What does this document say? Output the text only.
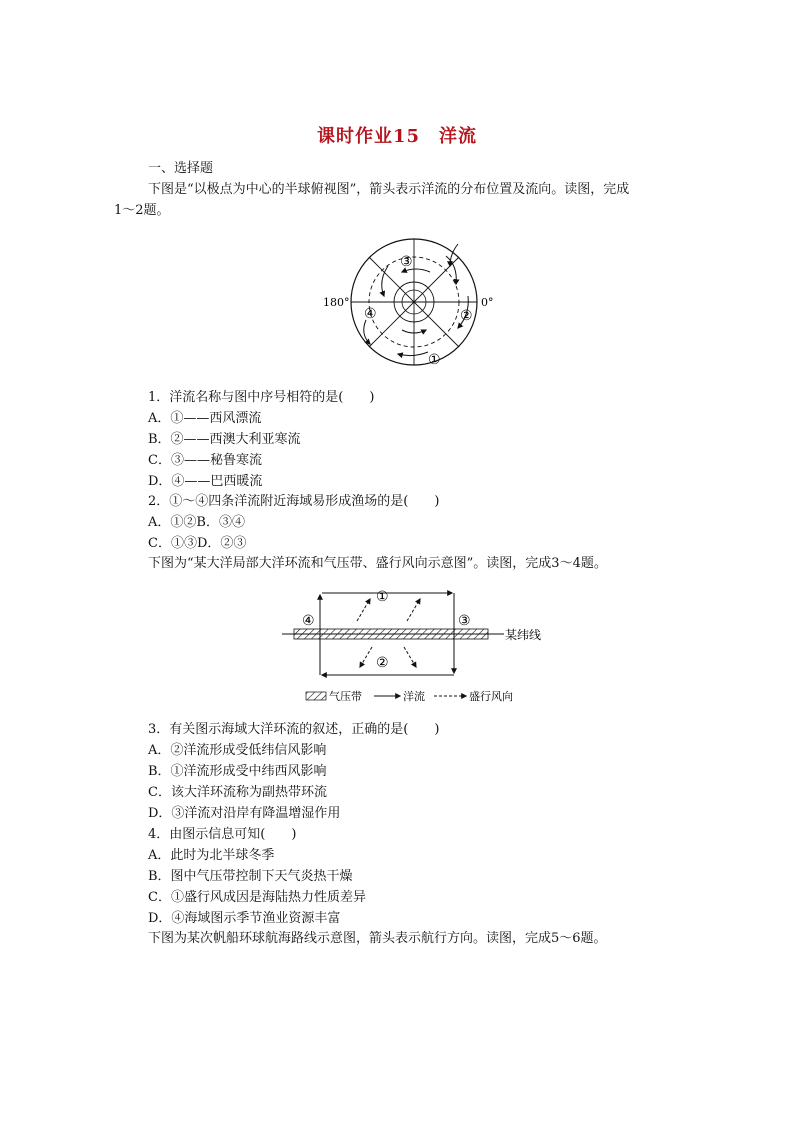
课时作业15　洋流
一、选择题
下图是“以极点为中心的半球俯视图”，箭头表示洋流的分布位置及流向。读图，完成
1～2题。
③
④	②
①
180°	0°
1．洋流名称与图中序号相符的是(　　)
A．①——西风漂流
B．②——西澳大利亚寒流
C．③——秘鲁寒流
D．④——巴西暖流
2．①～④四条洋流附近海域易形成渔场的是(　　)
A．①②B．③④
C．①③D．②③
下图为“某大洋局部大洋环流和气压带、盛行风向示意图”。读图，完成3～4题。
①
②
③
④
某纬线
气压带	洋流	盛行风向
3．有关图示海域大洋环流的叙述，正确的是(　　)
A．②洋流形成受低纬信风影响
B．①洋流形成受中纬西风影响
C．该大洋环流称为副热带环流
D．③洋流对沿岸有降温增湿作用
4．由图示信息可知(　　)
A．此时为北半球冬季
B．图中气压带控制下天气炎热干燥
C．①盛行风成因是海陆热力性质差异
D．④海域图示季节渔业资源丰富
下图为某次帆船环球航海路线示意图，箭头表示航行方向。读图，完成5～6题。
